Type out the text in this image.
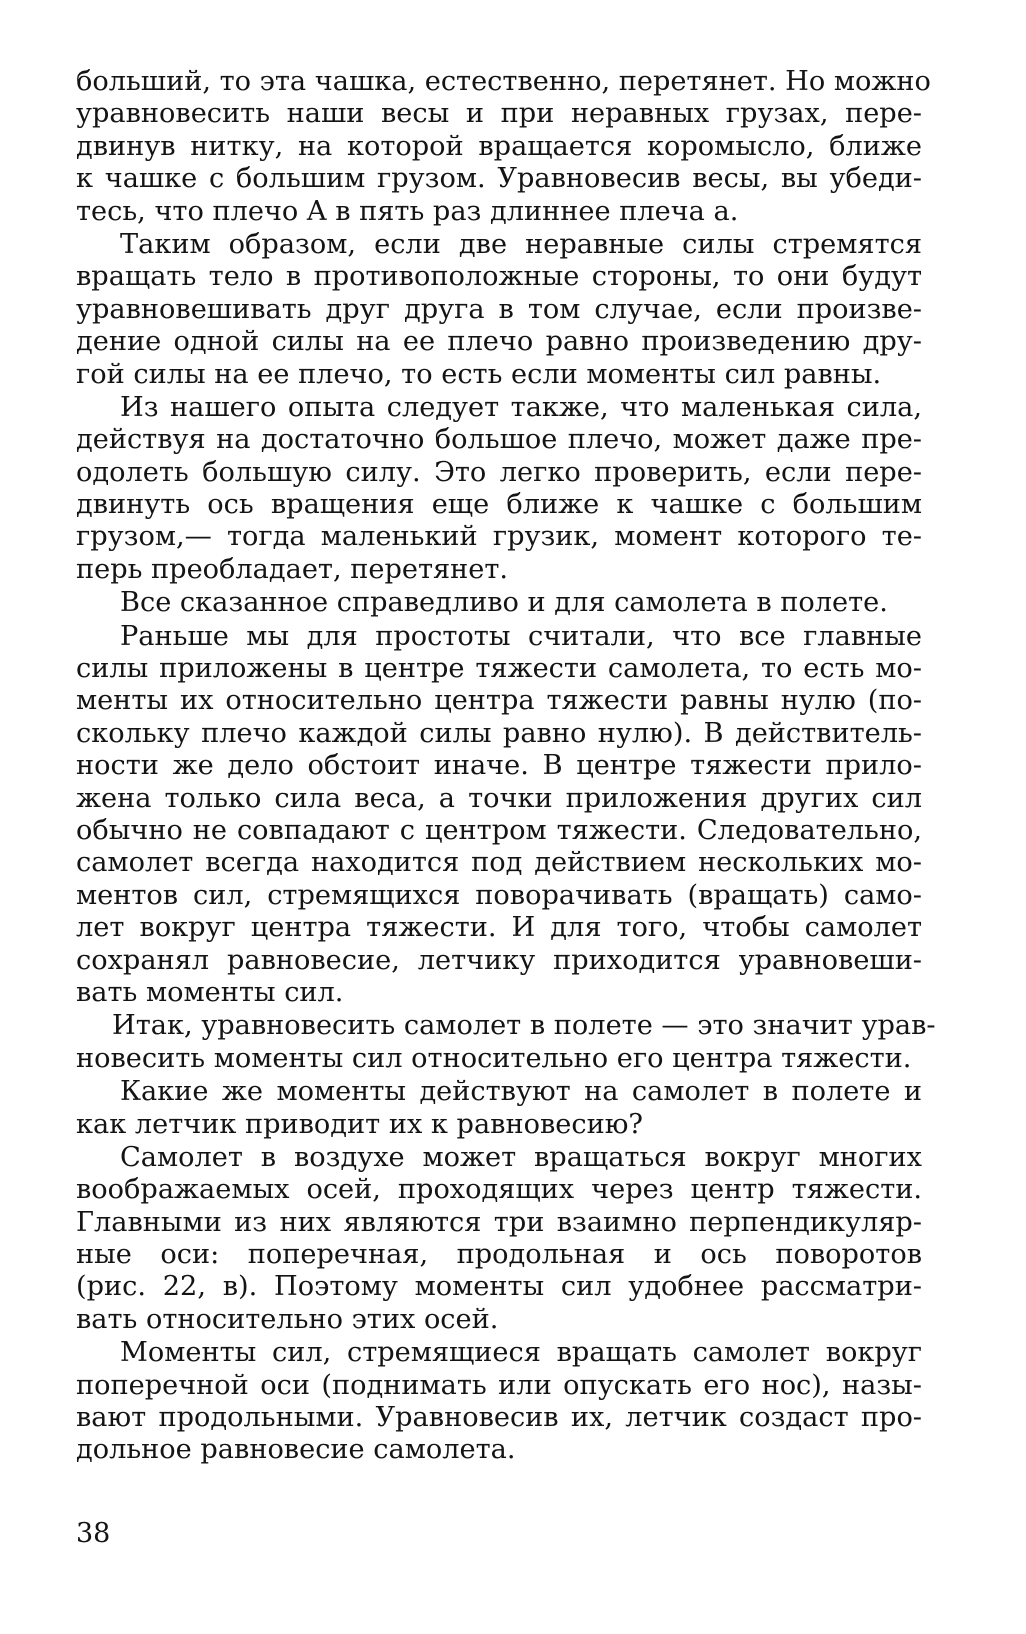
больший, то эта чашка, естественно, перетянет. Но можно
уравновесить наши весы и при неравных грузах, пере-
двинув нитку, на которой вращается коромысло, ближе
к чашке с большим грузом. Уравновесив весы, вы убеди-
тесь, что плечо A в пять раз длиннее плеча a.
Таким образом, если две неравные силы стремятся
вращать тело в противоположные стороны, то они будут
уравновешивать друг друга в том случае, если произве-
дение одной силы на ее плечо равно произведению дру-
гой силы на ее плечо, то есть если моменты сил равны.
Из нашего опыта следует также, что маленькая сила,
действуя на достаточно большое плечо, может даже пре-
одолеть большую силу. Это легко проверить, если пере-
двинуть ось вращения еще ближе к чашке с большим
грузом,— тогда маленький грузик, момент которого те-
перь преобладает, перетянет.
Все сказанное справедливо и для самолета в полете.
Раньше мы для простоты считали, что все главные
силы приложены в центре тяжести самолета, то есть мо-
менты их относительно центра тяжести равны нулю (по-
скольку плечо каждой силы равно нулю). В действитель-
ности же дело обстоит иначе. В центре тяжести прило-
жена только сила веса, а точки приложения других сил
обычно не совпадают с центром тяжести. Следовательно,
самолет всегда находится под действием нескольких мо-
ментов сил, стремящихся поворачивать (вращать) само-
лет вокруг центра тяжести. И для того, чтобы самолет
сохранял равновесие, летчику приходится уравновеши-
вать моменты сил.
Итак, уравновесить самолет в полете — это значит урав-
новесить моменты сил относительно его центра тяжести.
Какие же моменты действуют на самолет в полете и
как летчик приводит их к равновесию?
Самолет в воздухе может вращаться вокруг многих
воображаемых осей, проходящих через центр тяжести.
Главными из них являются три взаимно перпендикуляр-
ные оси: поперечная, продольная и ось поворотов
(рис. 22, в). Поэтому моменты сил удобнее рассматри-
вать относительно этих осей.
Моменты сил, стремящиеся вращать самолет вокруг
поперечной оси (поднимать или опускать его нос), назы-
вают продольными. Уравновесив их, летчик создаст про-
дольное равновесие самолета.
38
